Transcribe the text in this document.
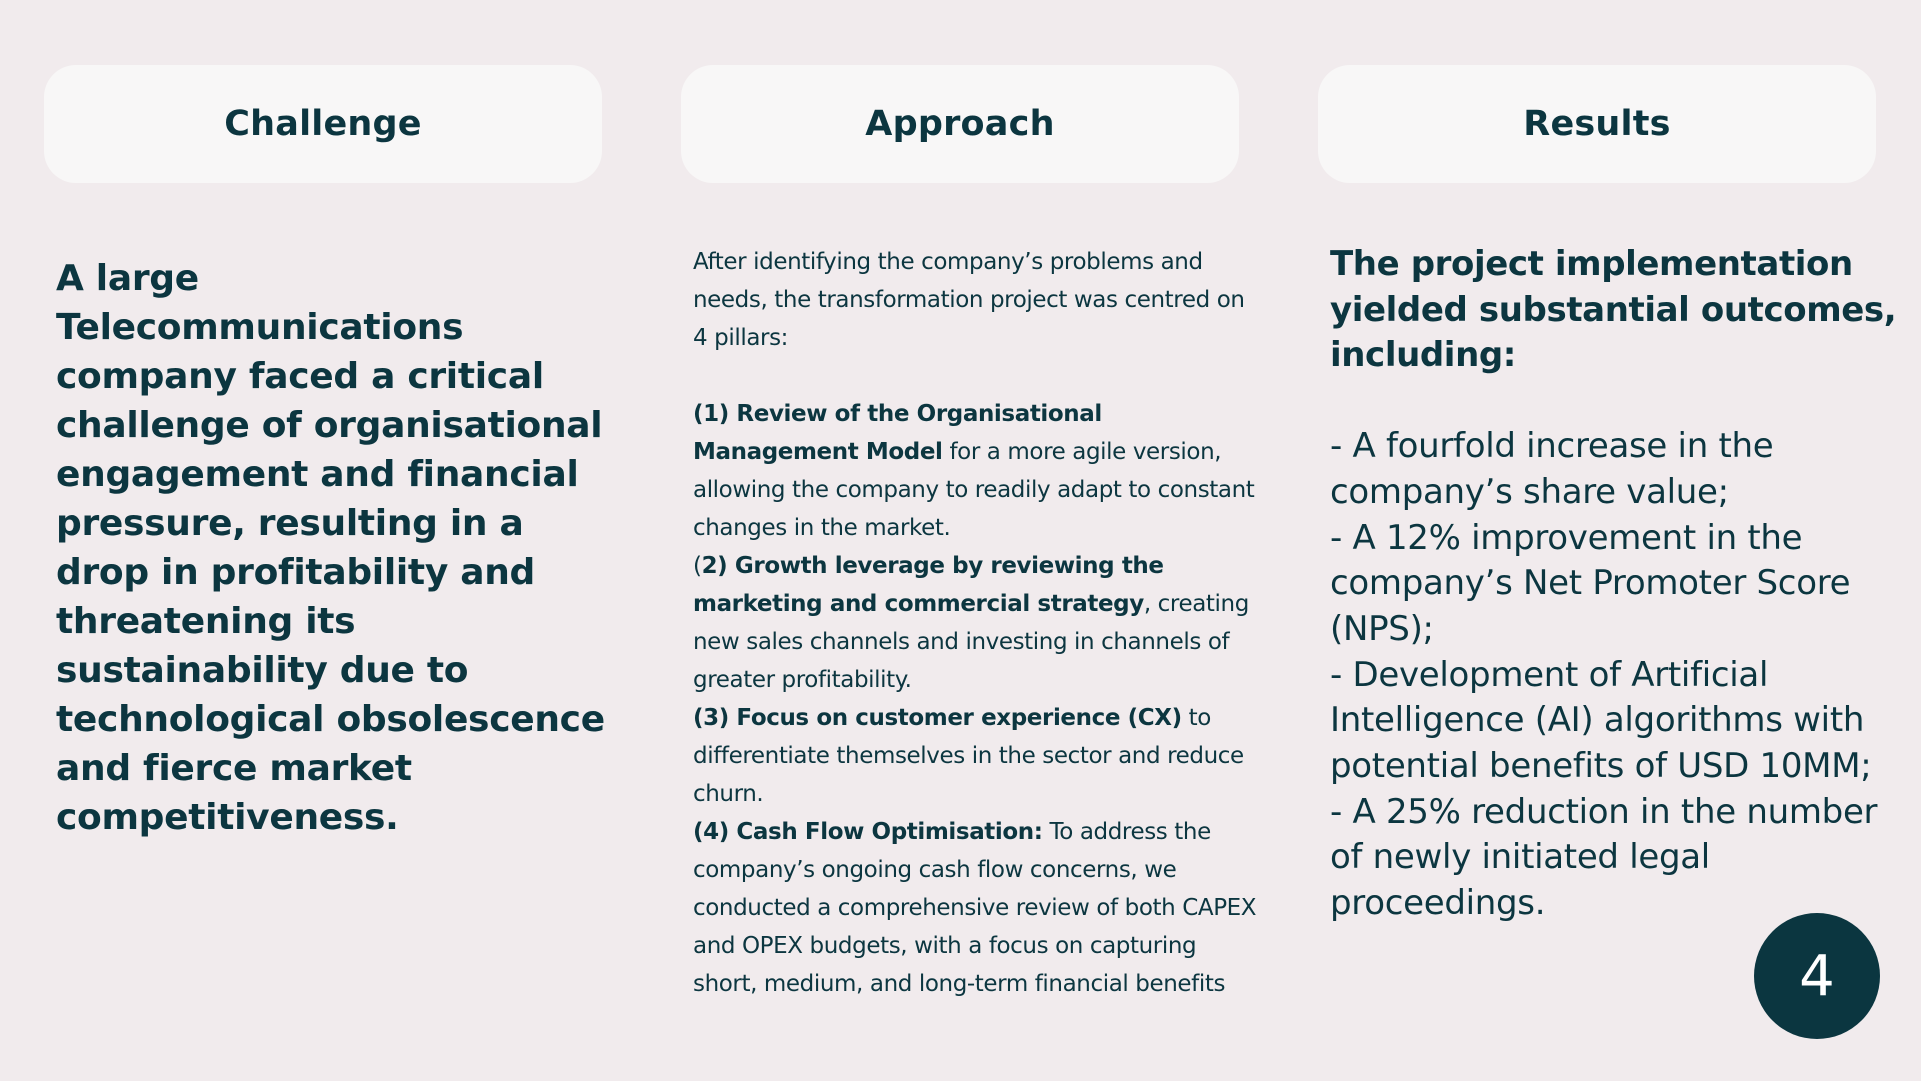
Challenge	Approach	Results
A large Telecommunications company faced a critical challenge of organisational engagement and financial pressure, resulting in a drop in profitability and threatening its sustainability due to technological obsolescence and fierce market competitiveness.

After identifying the company’s problems and needs, the transformation project was centred on 4 pillars:

(1) Review of the Organisational Management Model for a more agile version, allowing the company to readily adapt to constant changes in the market.

(2) Growth leverage by reviewing the marketing and commercial strategy, creating new sales channels and investing in channels of greater profitability.

(3) Focus on customer experience (CX) to differentiate themselves in the sector and reduce churn.

(4) Cash Flow Optimisation: To address the company’s ongoing cash flow concerns, we conducted a comprehensive review of both CAPEX and OPEX budgets, with a focus on capturing short, medium, and long-term financial benefits

The project implementation yielded substantial outcomes, including:
- A fourfold increase in the company’s share value;
- A 12% improvement in the company’s Net Promoter Score (NPS);
- Development of Artificial Intelligence (AI) algorithms with potential benefits of USD 10MM;
- A 25% reduction in the number of newly initiated legal proceedings.
4
